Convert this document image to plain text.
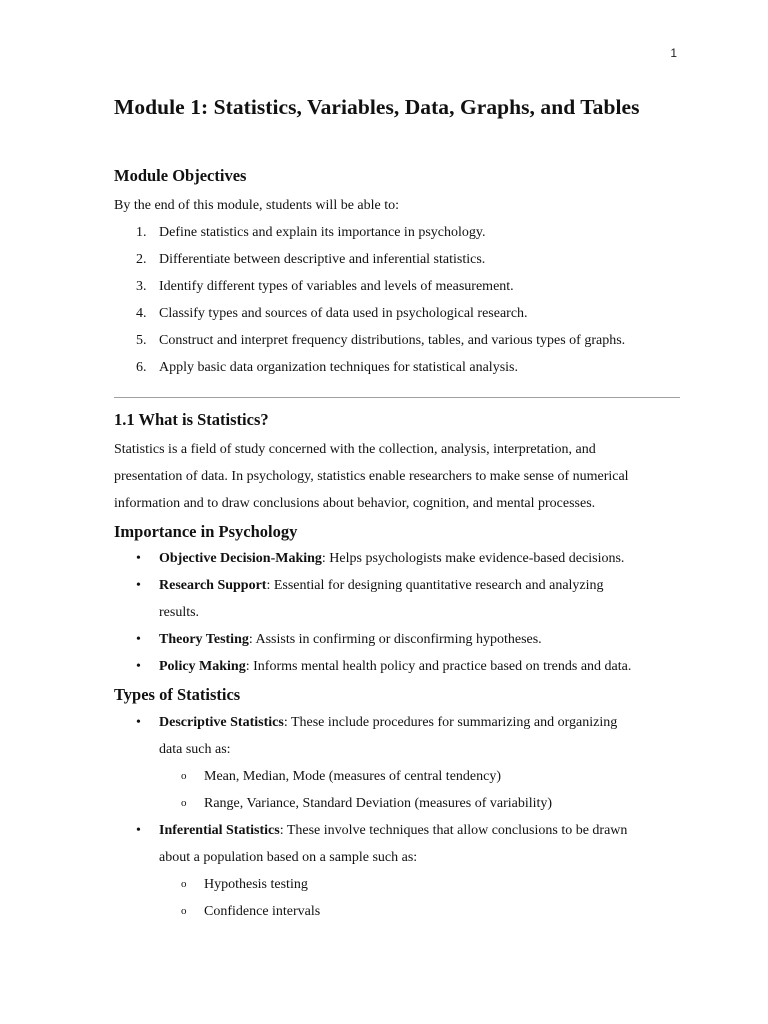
1
Module 1: Statistics, Variables, Data, Graphs, and Tables
Module Objectives

By the end of this module, students will be able to:

1. Define statistics and explain its importance in psychology.
2. Differentiate between descriptive and inferential statistics.
3. Identify different types of variables and levels of measurement.
4. Classify types and sources of data used in psychological research.
5. Construct and interpret frequency distributions, tables, and various types of graphs.
6. Apply basic data organization techniques for statistical analysis.
1.1 What is Statistics?

Statistics is a field of study concerned with the collection, analysis, interpretation, and

presentation of data. In psychology, statistics enable researchers to make sense of numerical

information and to draw conclusions about behavior, cognition, and mental processes.

Importance in Psychology
• Objective Decision-Making: Helps psychologists make evidence-based decisions.
• Research Support: Essential for designing quantitative research and analyzing
results.
• Theory Testing: Assists in confirming or disconfirming hypotheses.
• Policy Making: Informs mental health policy and practice based on trends and data.
Types of Statistics
• Descriptive Statistics: These include procedures for summarizing and organizing
data such as:
o Mean, Median, Mode (measures of central tendency)
o Range, Variance, Standard Deviation (measures of variability)
• Inferential Statistics: These involve techniques that allow conclusions to be drawn
about a population based on a sample such as:
o Hypothesis testing
o Confidence intervals
